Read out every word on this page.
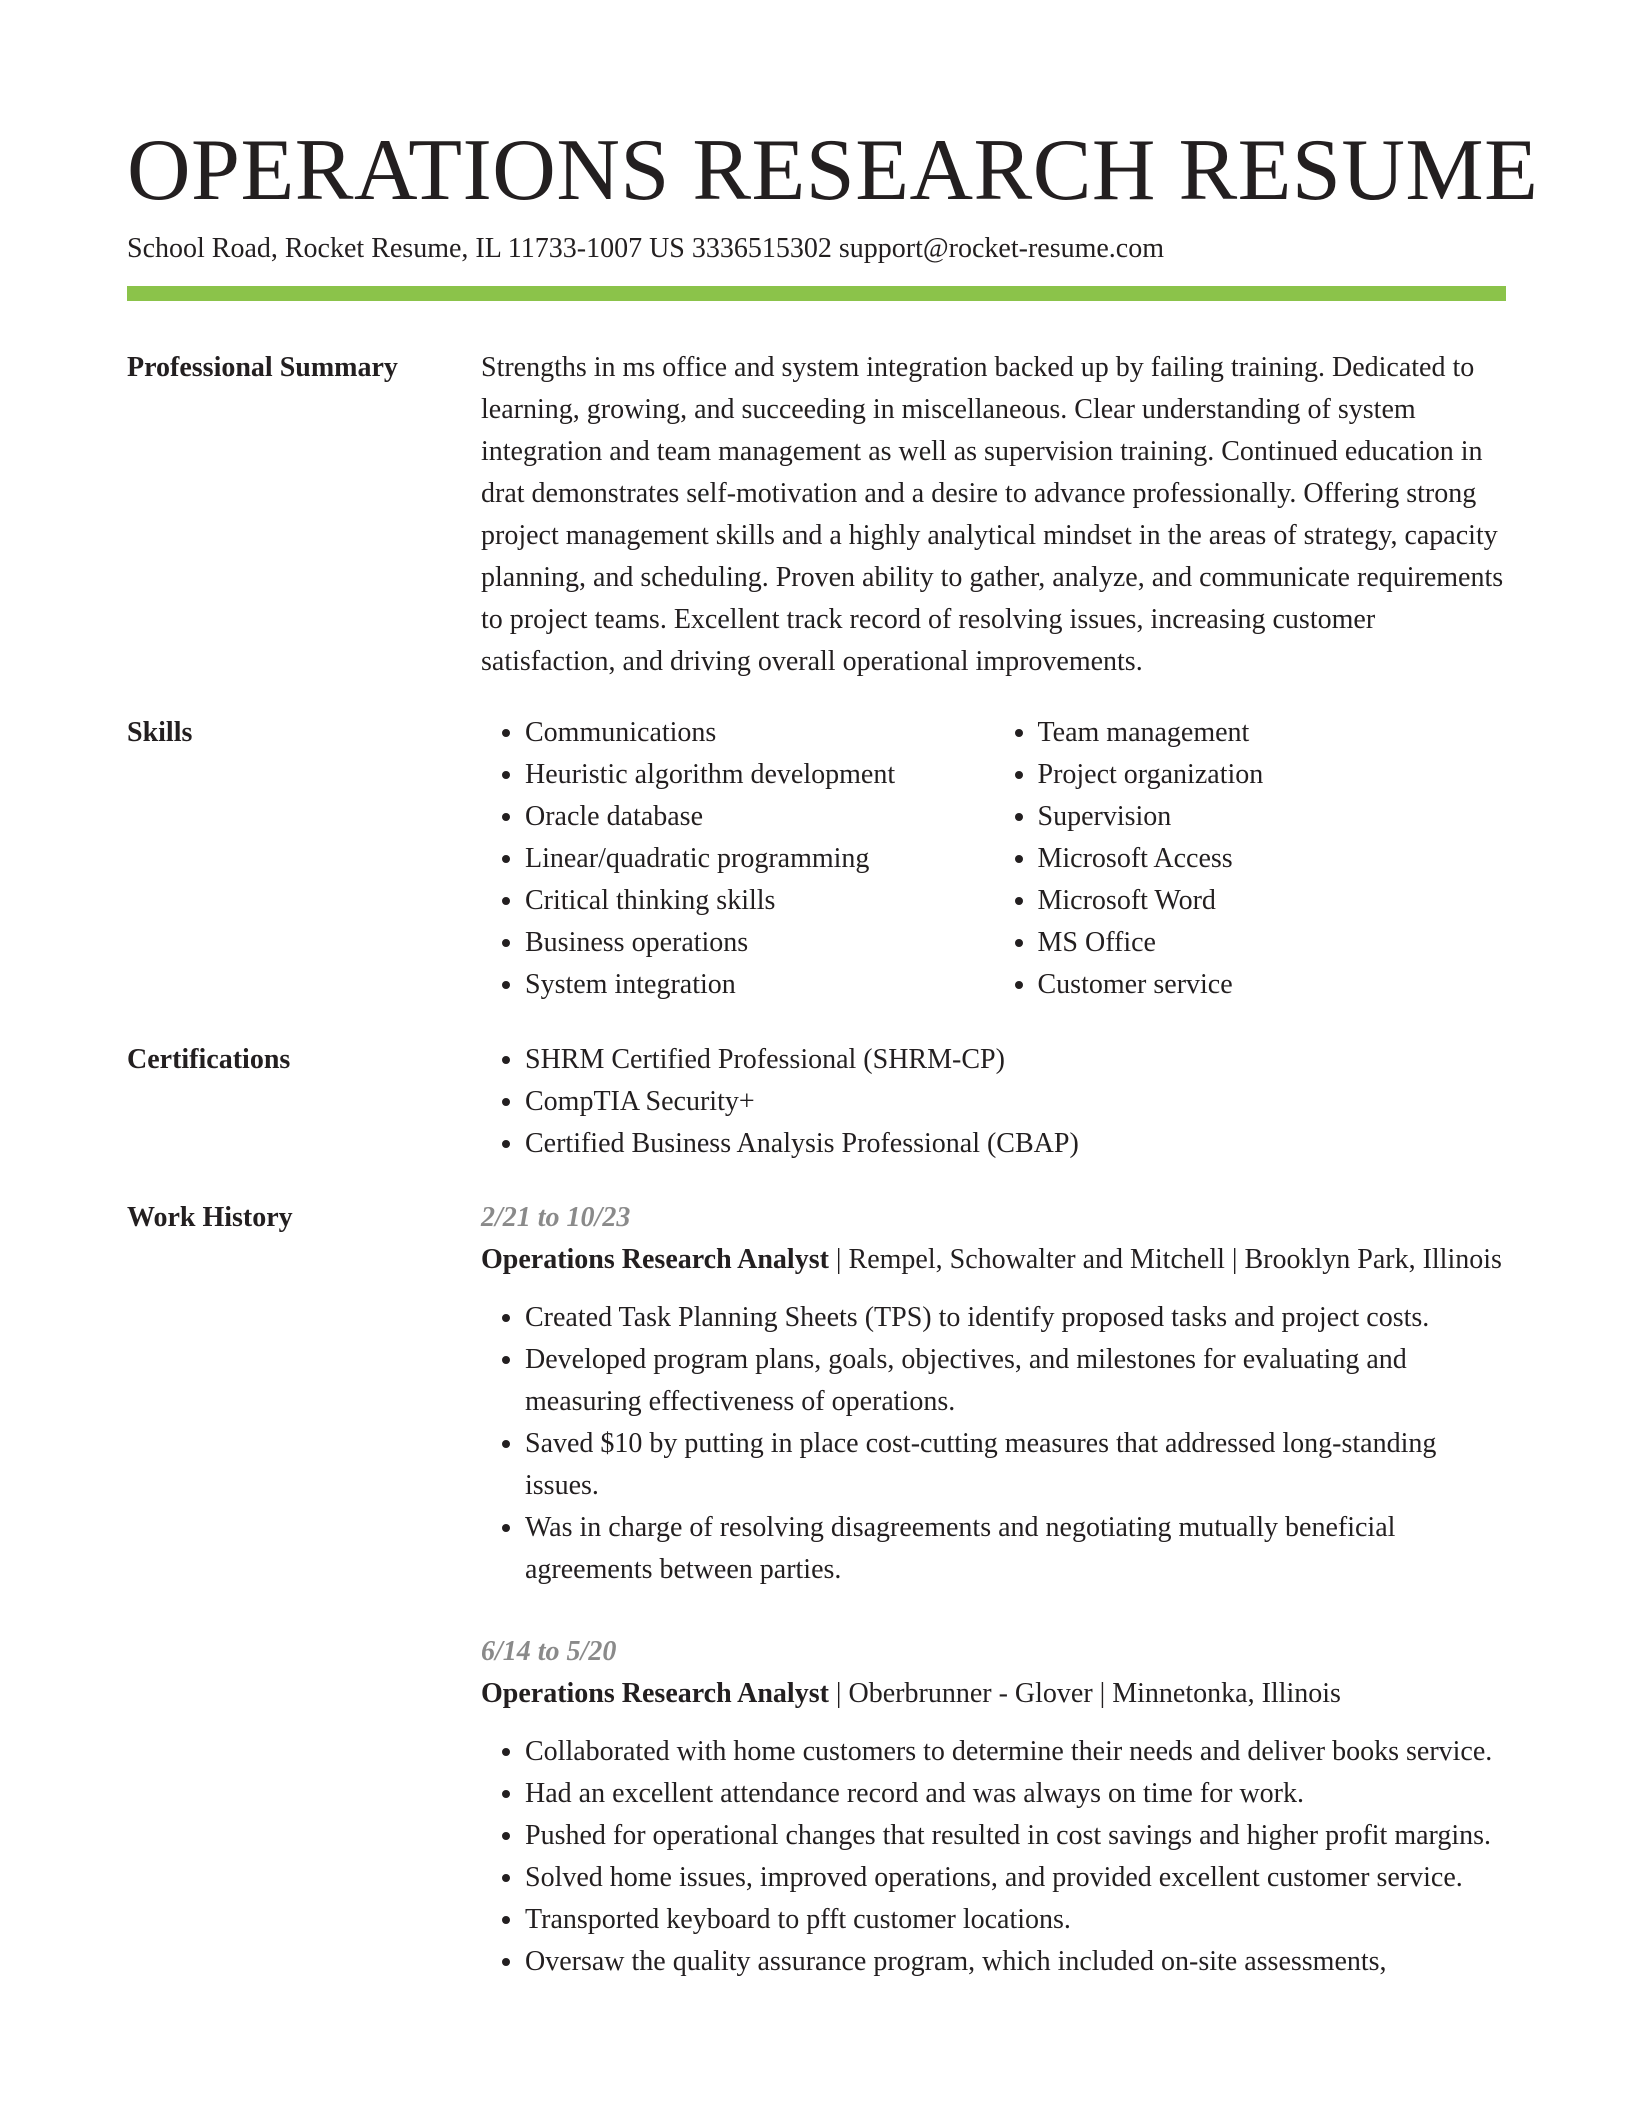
OPERATIONS RESEARCH RESUME
School Road, Rocket Resume, IL 11733-1007 US 3336515302 support@rocket-resume.com
Professional Summary	Strengths in ms office and system integration backed up by failing training. Dedicated to learning, growing, and succeeding in miscellaneous. Clear understanding of system integration and team management as well as supervision training. Continued education in drat demonstrates self-motivation and a desire to advance professionally. Offering strong project management skills and a highly analytical mindset in the areas of strategy, capacity planning, and scheduling. Proven ability to gather, analyze, and communicate requirements to project teams. Excellent track record of resolving issues, increasing customer satisfaction, and driving overall operational improvements.

Skills	• Communications
• Heuristic algorithm development
• Oracle database
• Linear/quadratic programming
• Critical thinking skills
• Business operations
• System integration
• Team management
• Project organization
• Supervision
• Microsoft Access
• Microsoft Word
• MS Office
• Customer service
Certifications	• SHRM Certified Professional (SHRM-CP)
• CompTIA Security+
• Certified Business Analysis Professional (CBAP)
Work History	2/21 to 10/23
Operations Research Analyst | Rempel, Schowalter and Mitchell | Brooklyn Park, Illinois
• Created Task Planning Sheets (TPS) to identify proposed tasks and project costs.
• Developed program plans, goals, objectives, and milestones for evaluating and measuring effectiveness of operations.
• Saved $10 by putting in place cost-cutting measures that addressed long-standing issues.
• Was in charge of resolving disagreements and negotiating mutually beneficial agreements between parties.
6/14 to 5/20
Operations Research Analyst | Oberbrunner - Glover | Minnetonka, Illinois
• Collaborated with home customers to determine their needs and deliver books service.
• Had an excellent attendance record and was always on time for work.
• Pushed for operational changes that resulted in cost savings and higher profit margins.
• Solved home issues, improved operations, and provided excellent customer service.
• Transported keyboard to pfft customer locations.
• Oversaw the quality assurance program, which included on-site assessments,
